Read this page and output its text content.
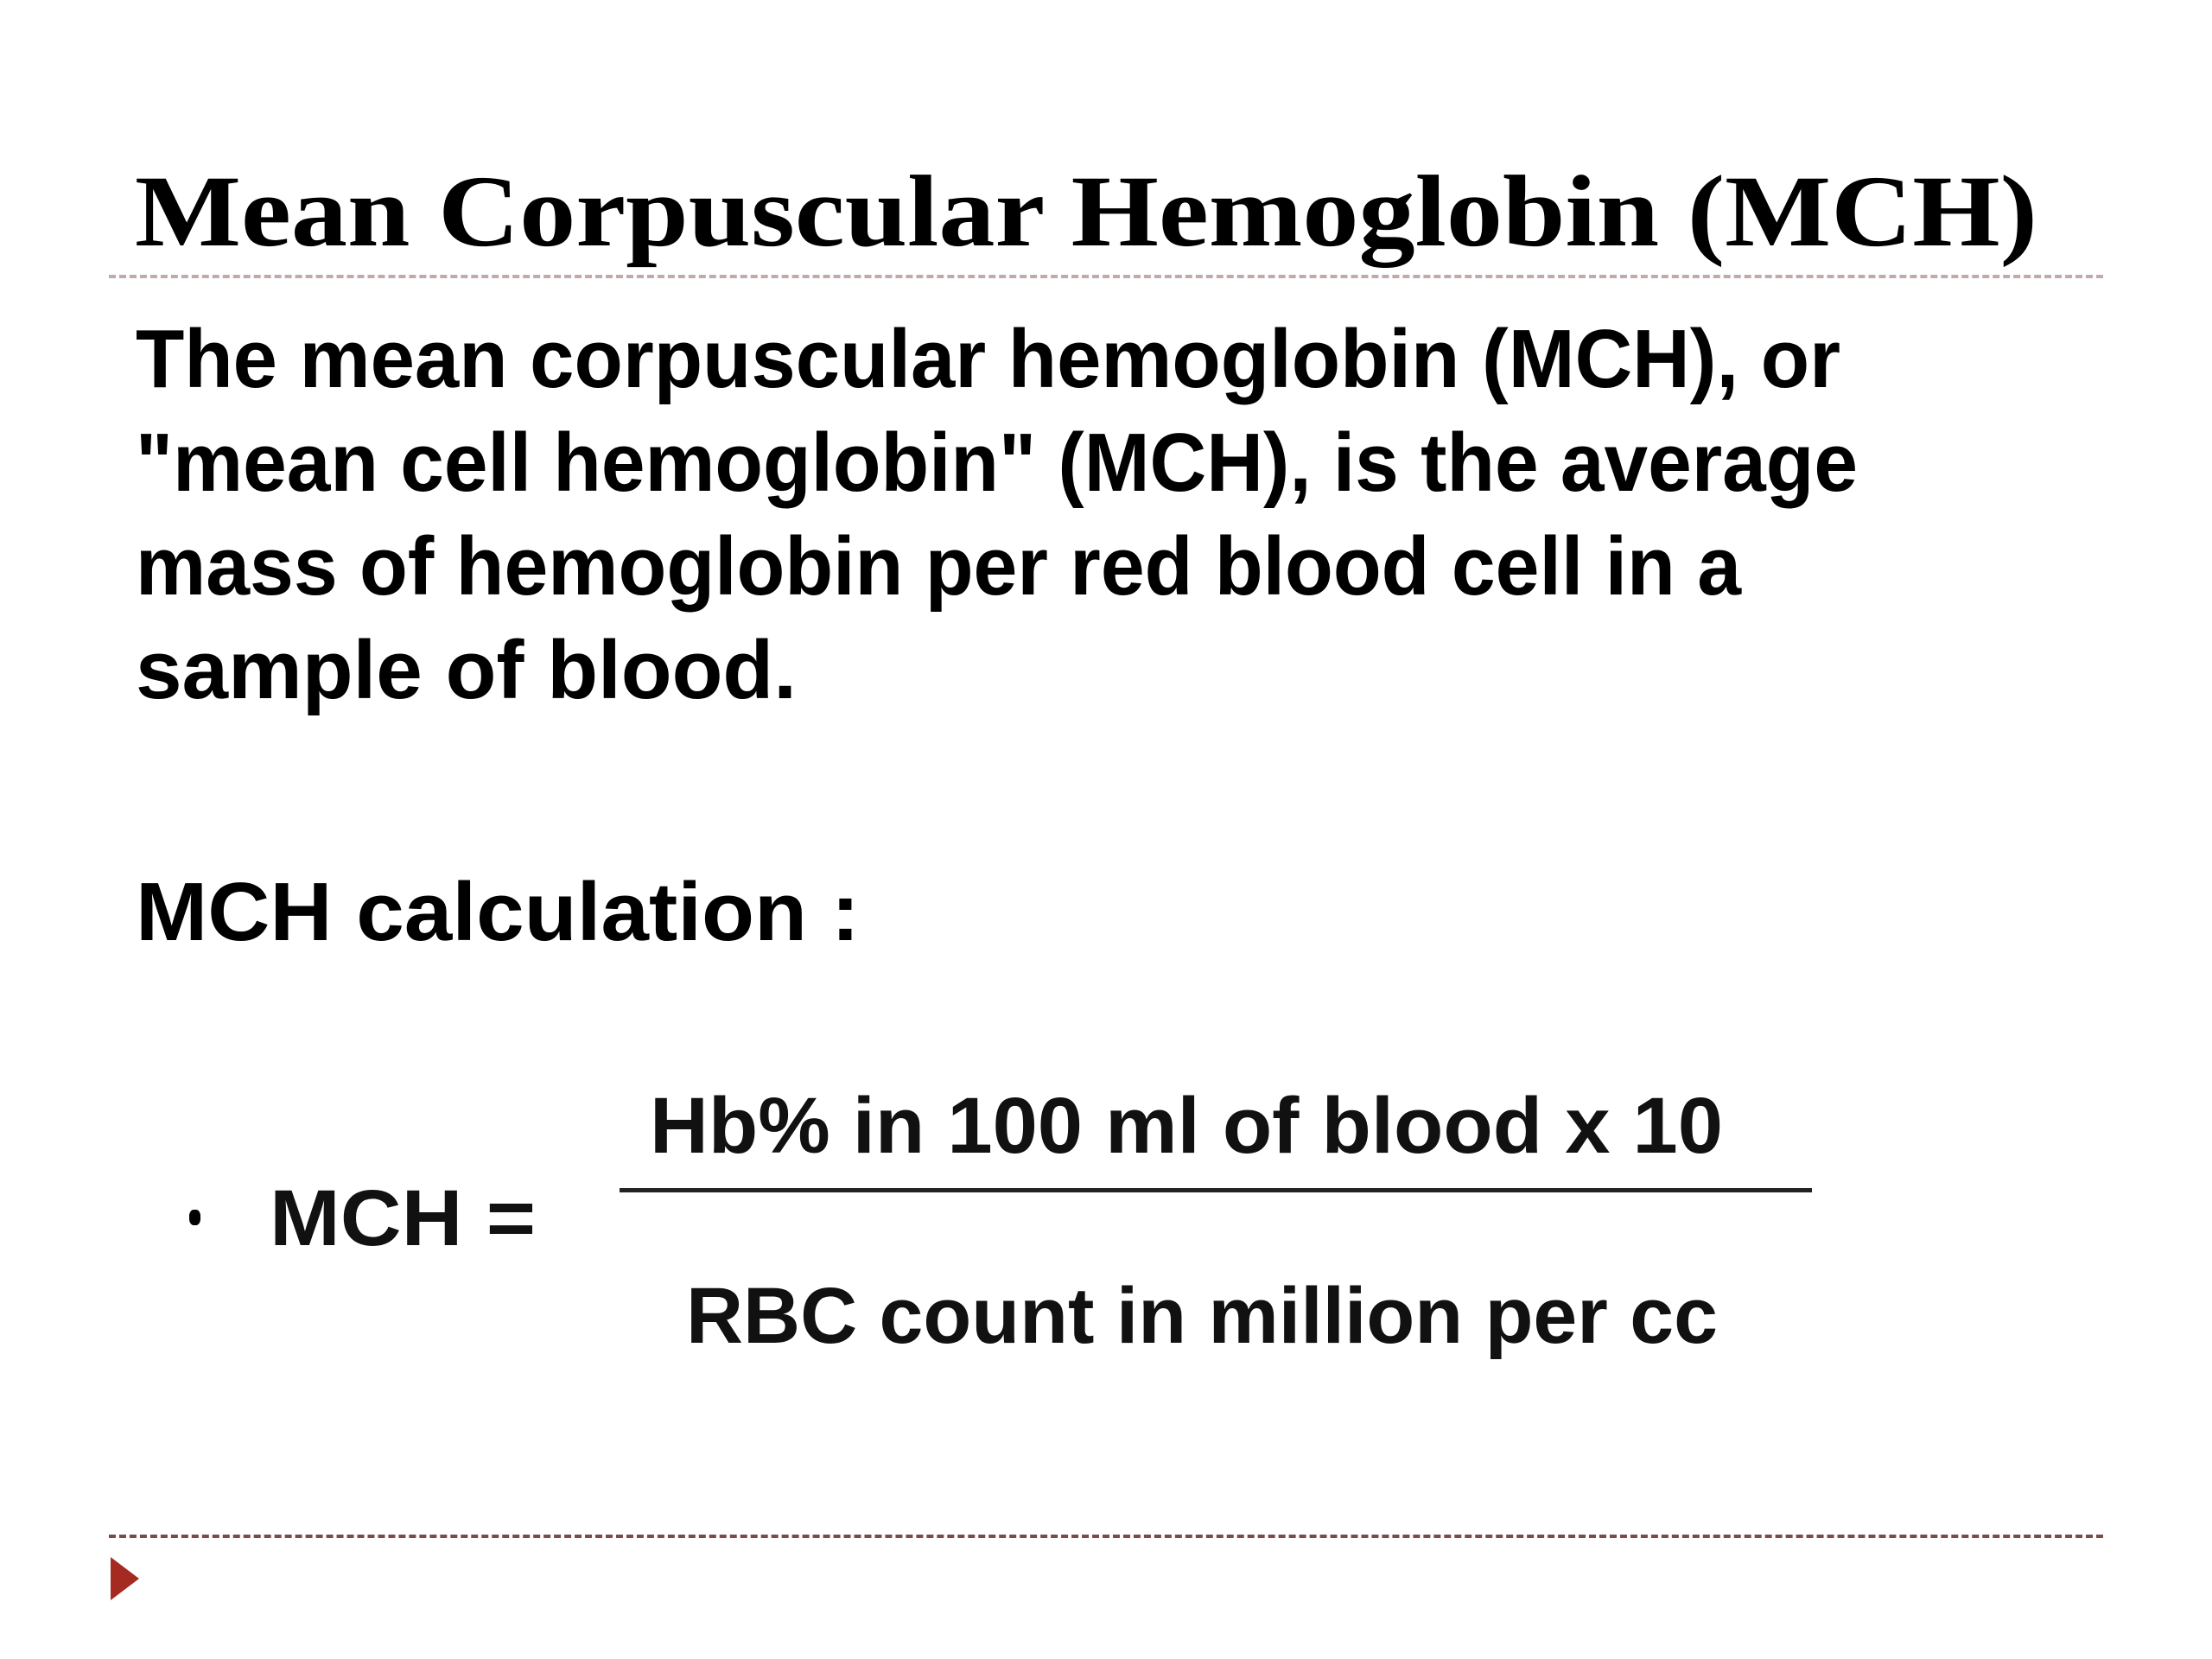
Mean Corpuscular Hemoglobin (MCH)
The mean corpuscular hemoglobin (MCH), or
"mean cell hemoglobin" (MCH), is the average
mass of hemoglobin per red blood cell in a
sample of blood.
MCH calculation :
MCH =
Hb% in 100 ml of blood x 10
RBC count in million per cc
